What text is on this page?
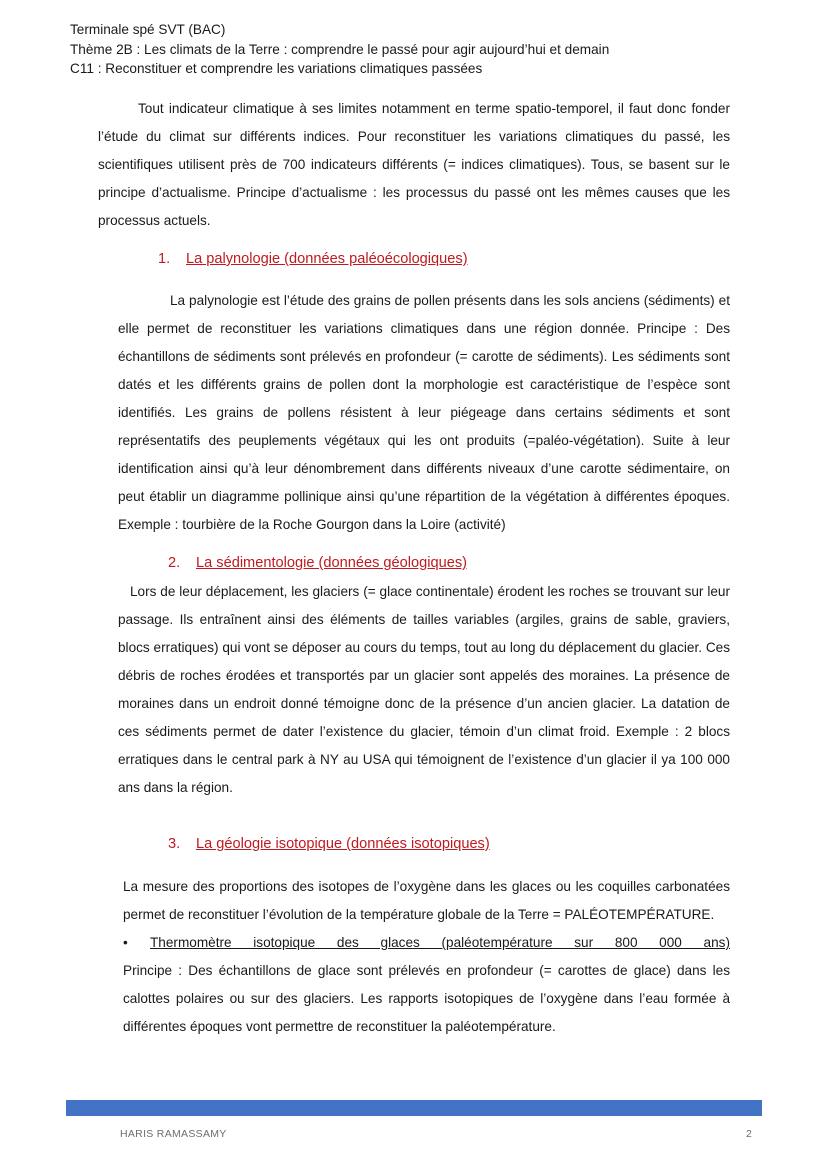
Terminale spé SVT (BAC)
Thème 2B : Les climats de la Terre : comprendre le passé pour agir aujourd’hui et demain
C11 : Reconstituer et comprendre les variations climatiques passées

Tout indicateur climatique à ses limites notamment en terme spatio-temporel, il faut donc fonder l’étude du climat sur différents indices. Pour reconstituer les variations climatiques du passé, les scientifiques utilisent près de 700 indicateurs différents (= indices climatiques). Tous, se basent sur le principe d’actualisme. Principe d’actualisme : les processus du passé ont les mêmes causes que les processus actuels.

1. La palynologie (données paléoécologiques)

La palynologie est l’étude des grains de pollen présents dans les sols anciens (sédiments) et elle permet de reconstituer les variations climatiques dans une région donnée. Principe : Des échantillons de sédiments sont prélevés en profondeur (= carotte de sédiments). Les sédiments sont datés et les différents grains de pollen dont la morphologie est caractéristique de l’espèce sont identifiés. Les grains de pollens résistent à leur piégeage dans certains sédiments et sont représentatifs des peuplements végétaux qui les ont produits (=paléo-végétation). Suite à leur identification ainsi qu’à leur dénombrement dans différents niveaux d’une carotte sédimentaire, on peut établir un diagramme pollinique ainsi qu’une répartition de la végétation à différentes époques. Exemple : tourbière de la Roche Gourgon dans la Loire (activité)

2. La sédimentologie (données géologiques)

Lors de leur déplacement, les glaciers (= glace continentale) érodent les roches se trouvant sur leur passage. Ils entraînent ainsi des éléments de tailles variables (argiles, grains de sable, graviers, blocs erratiques) qui vont se déposer au cours du temps, tout au long du déplacement du glacier. Ces débris de roches érodées et transportés par un glacier sont appelés des moraines. La présence de moraines dans un endroit donné témoigne donc de la présence d’un ancien glacier. La datation de ces sédiments permet de dater l’existence du glacier, témoin d’un climat froid. Exemple : 2 blocs erratiques dans le central park à NY au USA qui témoignent de l’existence d’un glacier il ya 100 000 ans dans la région.

3. La géologie isotopique (données isotopiques)

La mesure des proportions des isotopes de l’oxygène dans les glaces ou les coquilles carbonatées permet de reconstituer l’évolution de la température globale de la Terre = PALÉOTEMPÉRATURE.

•	Thermomètre isotopique des glaces (paléotempérature sur 800 000 ans)

Principe : Des échantillons de glace sont prélevés en profondeur (= carottes de glace) dans les calottes polaires ou sur des glaciers. Les rapports isotopiques de l’oxygène dans l’eau formée à différentes époques vont permettre de reconstituer la paléotempérature.

HARIS RAMASSAMY	2
